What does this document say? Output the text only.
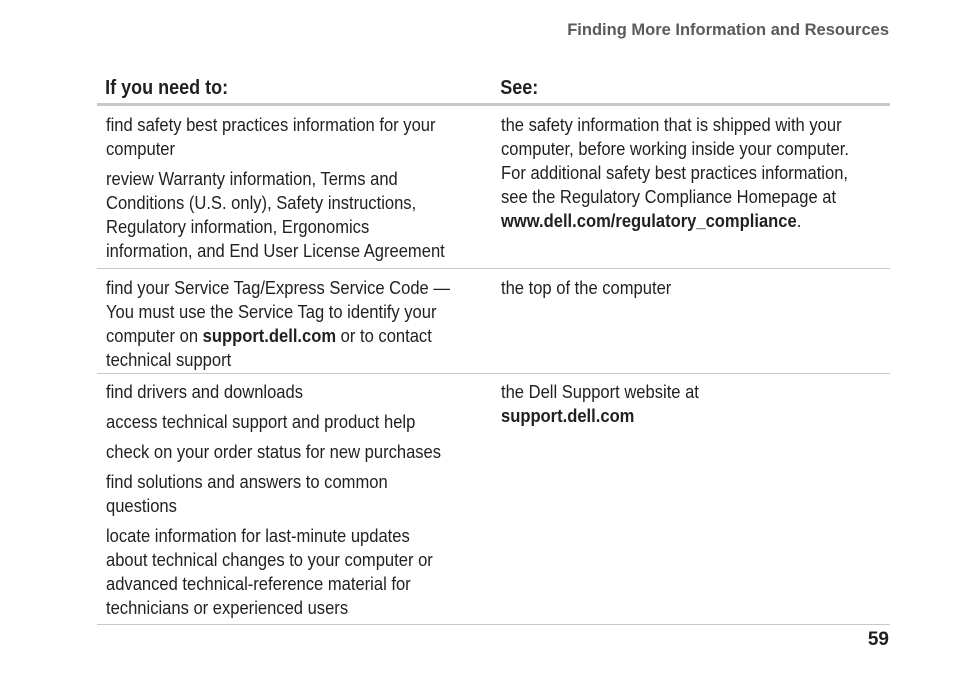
Finding More Information and Resources
If you need to:	See:
find safety best practices information for your
computer
review Warranty information, Terms and
Conditions (U.S. only), Safety instructions,
Regulatory information, Ergonomics
information, and End User License Agreement
the safety information that is shipped with your
computer, before working inside your computer.
For additional safety best practices information,
see the Regulatory Compliance Homepage at
www.dell.com/regulatory_compliance.
find your Service Tag/Express Service Code —
You must use the Service Tag to identify your
computer on support.dell.com or to contact
technical support
the top of the computer
find drivers and downloads
access technical support and product help
check on your order status for new purchases
find solutions and answers to common
questions
locate information for last-minute updates
about technical changes to your computer or
advanced technical-reference material for
technicians or experienced users
the Dell Support website at
support.dell.com
59
